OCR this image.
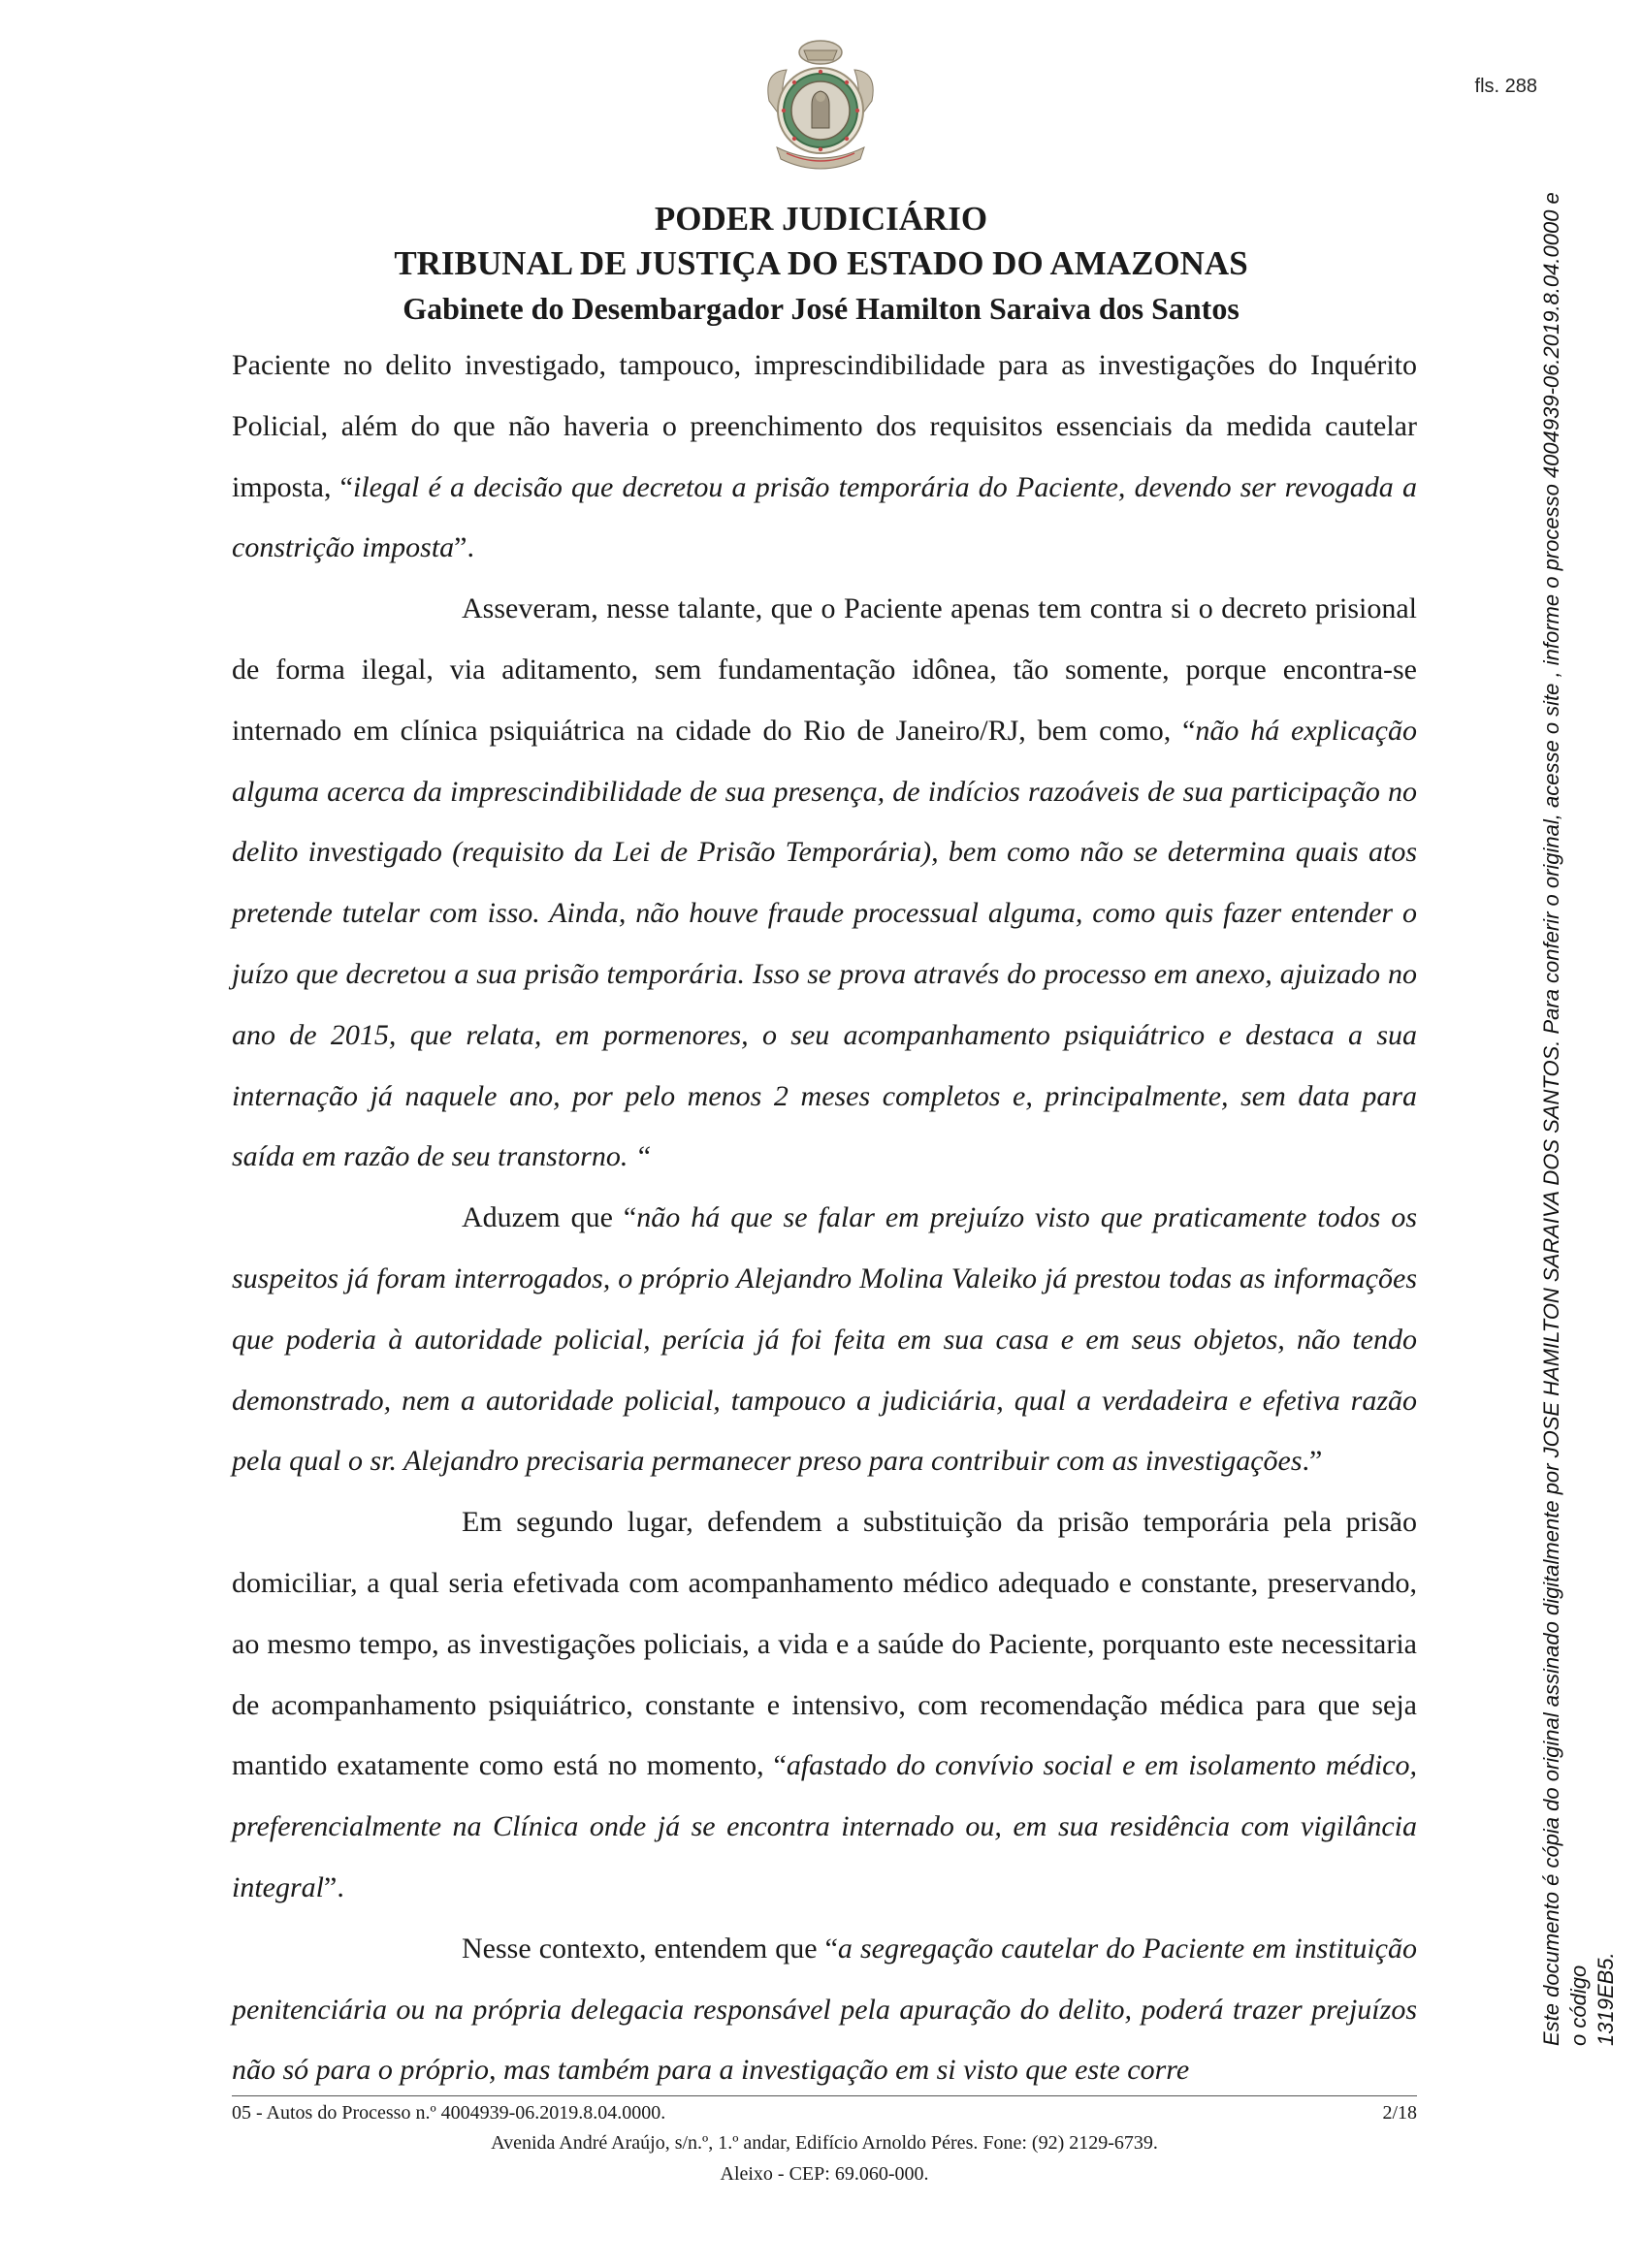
fls. 288
PODER JUDICIÁRIO
TRIBUNAL DE JUSTIÇA DO ESTADO DO AMAZONAS
Gabinete do Desembargador José Hamilton Saraiva dos Santos

Paciente no delito investigado, tampouco, imprescindibilidade para as investigações do Inquérito Policial, além do que não haveria o preenchimento dos requisitos essenciais da medida cautelar imposta, “ilegal é a decisão que decretou a prisão temporária do Paciente, devendo ser revogada a constrição imposta”.

Asseveram, nesse talante, que o Paciente apenas tem contra si o decreto prisional de forma ilegal, via aditamento, sem fundamentação idônea, tão somente, porque encontra-se internado em clínica psiquiátrica na cidade do Rio de Janeiro/RJ, bem como, “não há explicação alguma acerca da imprescindibilidade de sua presença, de indícios razoáveis de sua participação no delito investigado (requisito da Lei de Prisão Temporária), bem como não se determina quais atos pretende tutelar com isso. Ainda, não houve fraude processual alguma, como quis fazer entender o juízo que decretou a sua prisão temporária. Isso se prova através do processo em anexo, ajuizado no ano de 2015, que relata, em pormenores, o seu acompanhamento psiquiátrico e destaca a sua internação já naquele ano, por pelo menos 2 meses completos e, principalmente, sem data para saída em razão de seu transtorno. “

Aduzem que “não há que se falar em prejuízo visto que praticamente todos os suspeitos já foram interrogados, o próprio Alejandro Molina Valeiko já prestou todas as informações que poderia à autoridade policial, perícia já foi feita em sua casa e em seus objetos, não tendo demonstrado, nem a autoridade policial, tampouco a judiciária, qual a verdadeira e efetiva razão pela qual o sr. Alejandro precisaria permanecer preso para contribuir com as investigações.”

Em segundo lugar, defendem a substituição da prisão temporária pela prisão domiciliar, a qual seria efetivada com acompanhamento médico adequado e constante, preservando, ao mesmo tempo, as investigações policiais, a vida e a saúde do Paciente, porquanto este necessitaria de acompanhamento psiquiátrico, constante e intensivo, com recomendação médica para que seja mantido exatamente como está no momento, “afastado do convívio social e em isolamento médico, preferencialmente na Clínica onde já se encontra internado ou, em sua residência com vigilância integral”.

Nesse contexto, entendem que “a segregação cautelar do Paciente em instituição penitenciária ou na própria delegacia responsável pela apuração do delito, poderá trazer prejuízos não só para o próprio, mas também para a investigação em si visto que este corre

05 - Autos do Processo n.º 4004939-06.2019.8.04.0000.	2/18
Avenida André Araújo, s/n.º, 1.º andar, Edifício Arnoldo Péres. Fone: (92) 2129-6739.
Aleixo - CEP: 69.060-000.
Este documento é cópia do original assinado digitalmente por JOSE HAMILTON SARAIVA DOS SANTOS. Para conferir o original, acesse o site , informe o processo 4004939-06.2019.8.04.0000 e o código 1319EB5.
